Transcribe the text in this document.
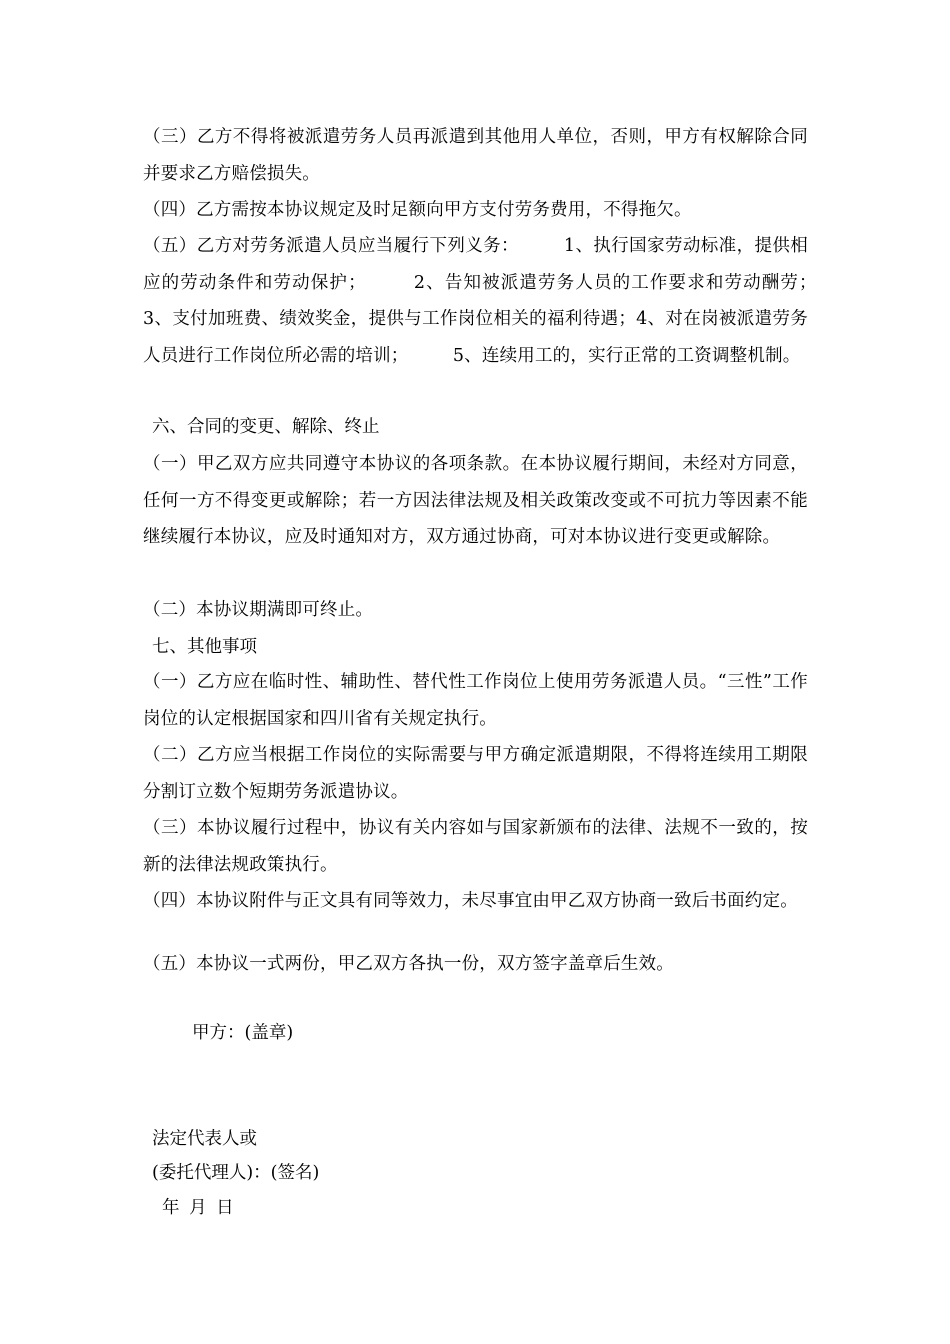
（三）乙方不得将被派遣劳务人员再派遣到其他用人单位，否则，甲方有权解除合同并要求乙方赔偿损失。

（四）乙方需按本协议规定及时足额向甲方支付劳务费用，不得拖欠。

（五）乙方对劳务派遣人员应当履行下列义务：　　　1、执行国家劳动标准，提供相应的劳动条件和劳动保护；　　　2、告知被派遣劳务人员的工作要求和劳动酬劳；　　3、支付加班费、绩效奖金，提供与工作岗位相关的福利待遇；4、对在岗被派遣劳务人员进行工作岗位所必需的培训；　　　5、连续用工的，实行正常的工资调整机制。

六、合同的变更、解除、终止

（一）甲乙双方应共同遵守本协议的各项条款。在本协议履行期间，未经对方同意，任何一方不得变更或解除；若一方因法律法规及相关政策改变或不可抗力等因素不能继续履行本协议，应及时通知对方，双方通过协商，可对本协议进行变更或解除。

（二）本协议期满即可终止。

七、其他事项

（一）乙方应在临时性、辅助性、替代性工作岗位上使用劳务派遣人员。“三性”工作岗位的认定根据国家和四川省有关规定执行。

（二）乙方应当根据工作岗位的实际需要与甲方确定派遣期限，不得将连续用工期限分割订立数个短期劳务派遣协议。

（三）本协议履行过程中，协议有关内容如与国家新颁布的法律、法规不一致的，按新的法律法规政策执行。

（四）本协议附件与正文具有同等效力，未尽事宜由甲乙双方协商一致后书面约定。

（五）本协议一式两份，甲乙双方各执一份，双方签字盖章后生效。

甲方：(盖章)

法定代表人或

(委托代理人)：(签名)

年 月 日
